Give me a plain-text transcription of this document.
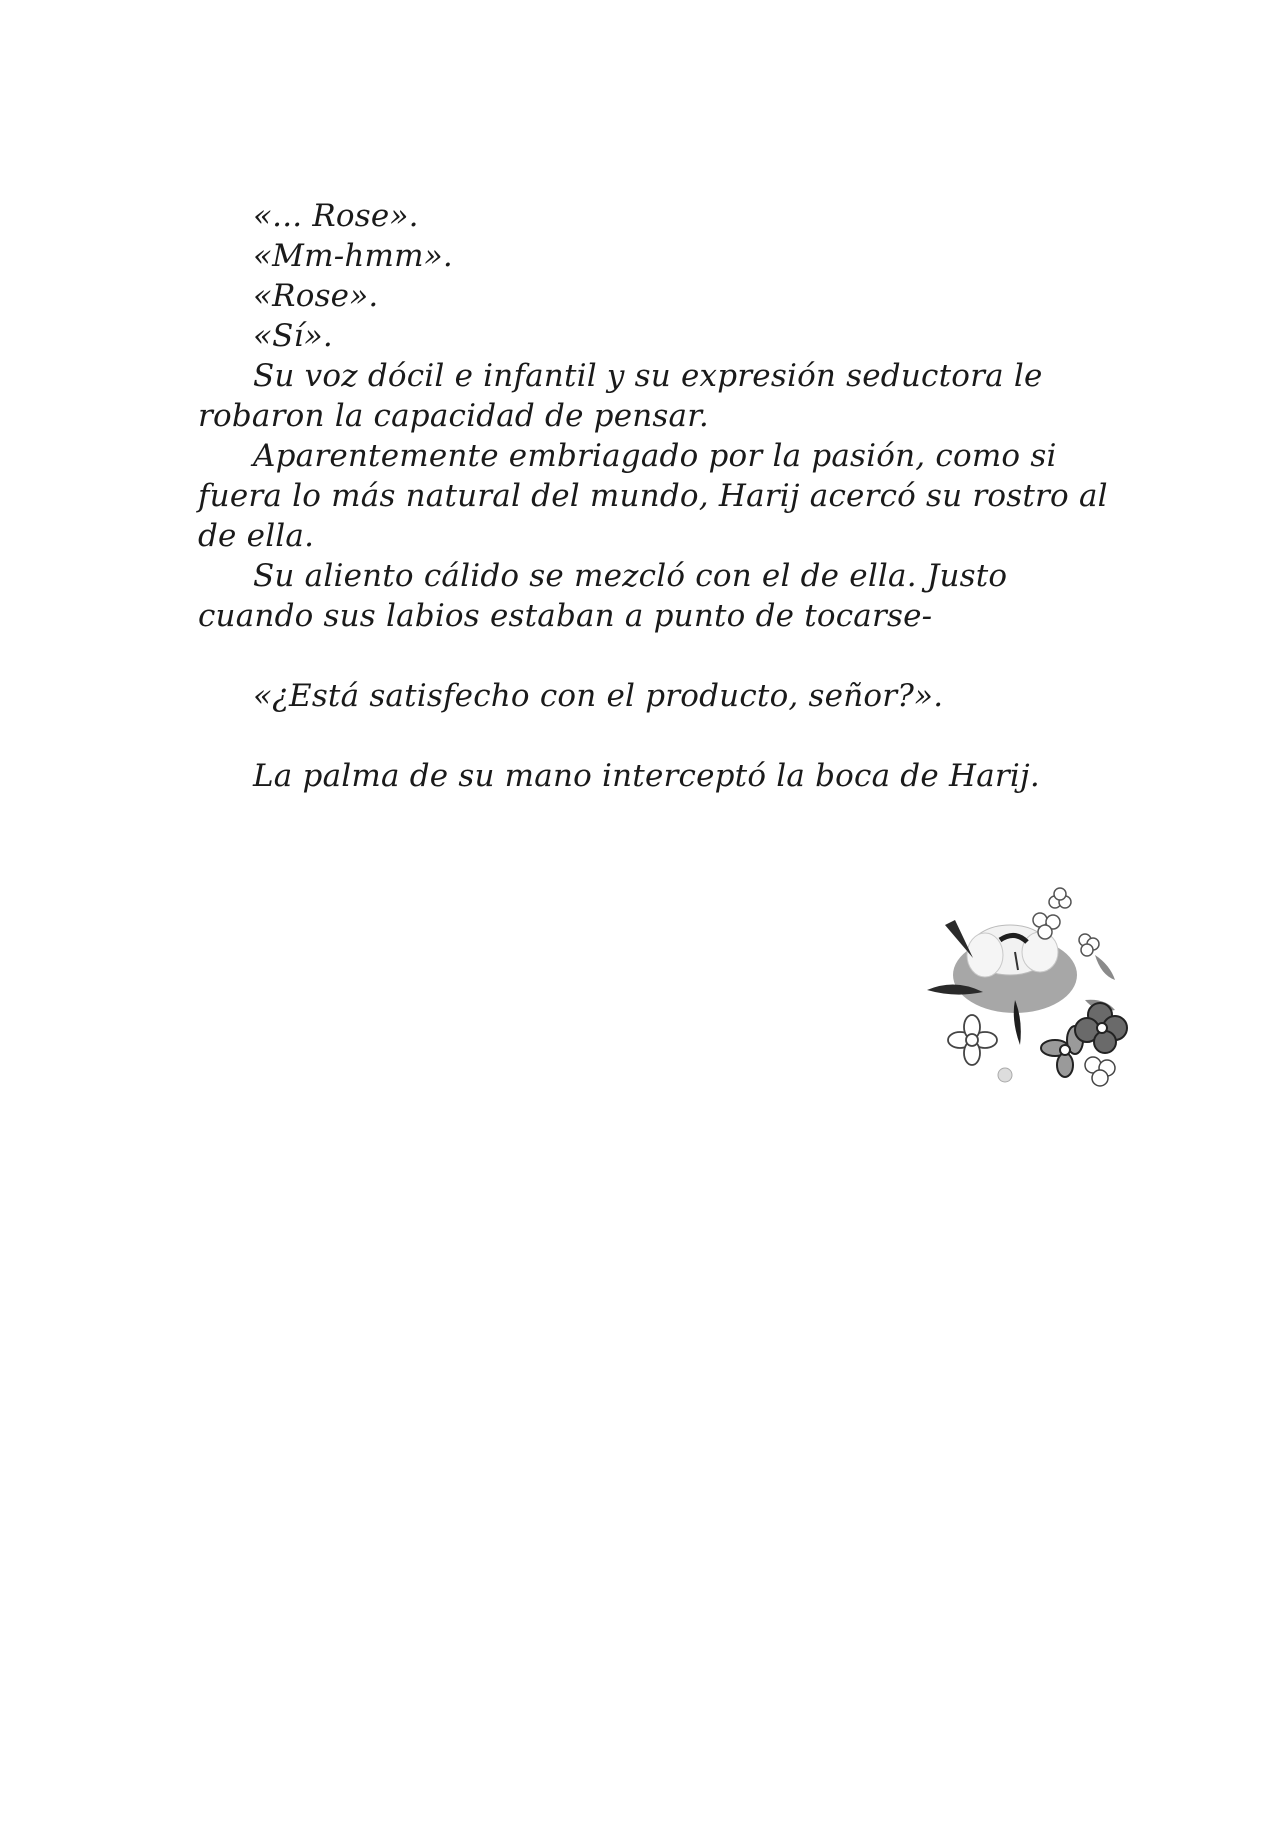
«... Rose».

«Mm-hmm».

«Rose».

«Sí».

Su voz dócil e infantil y su expresión seductora le robaron la capacidad de pensar.

Aparentemente embriagado por la pasión, como si fuera lo más natural del mundo, Harij acercó su rostro al de ella.

Su aliento cálido se mezcló con el de ella. Justo cuando sus labios estaban a punto de tocarse-

«¿Está satisfecho con el producto, señor?».

La palma de su mano interceptó la boca de Harij.
